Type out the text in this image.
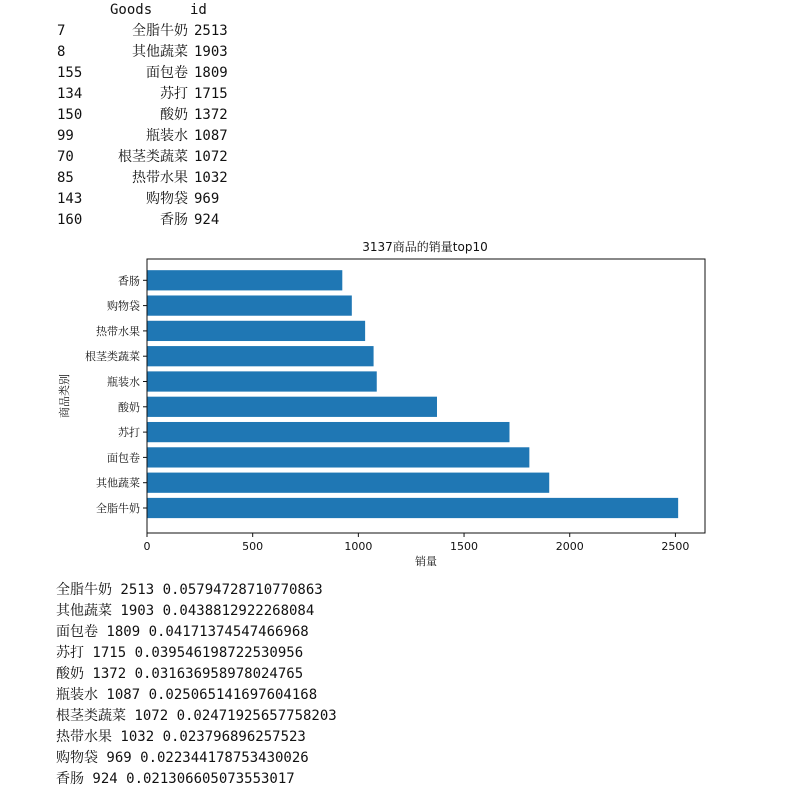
Goods	id
7	全脂牛奶 2513
8	其他蔬菜 1903
155	面包卷 1809
134	苏打 1715
150	酸奶 1372
99	瓶装水 1087
70	根茎类蔬菜 1072
85	热带水果 1032
143	购物袋 969
160	香肠 924
3137商品的销量top10
0	500	1000	1500	2000	2500
全脂牛奶
其他蔬菜
面包卷
苏打
酸奶
瓶装水
根茎类蔬菜
热带水果
购物袋
香肠
销量
商品类别
全脂牛奶 2513 0.05794728710770863
其他蔬菜 1903 0.0438812922268084
面包卷 1809 0.04171374547466968
苏打 1715 0.039546198722530956
酸奶 1372 0.031636958978024765
瓶装水 1087 0.025065141697604168
根茎类蔬菜 1072 0.02471925657758203
热带水果 1032 0.023796896257523
购物袋 969 0.022344178753430026
香肠 924 0.021306605073553017
